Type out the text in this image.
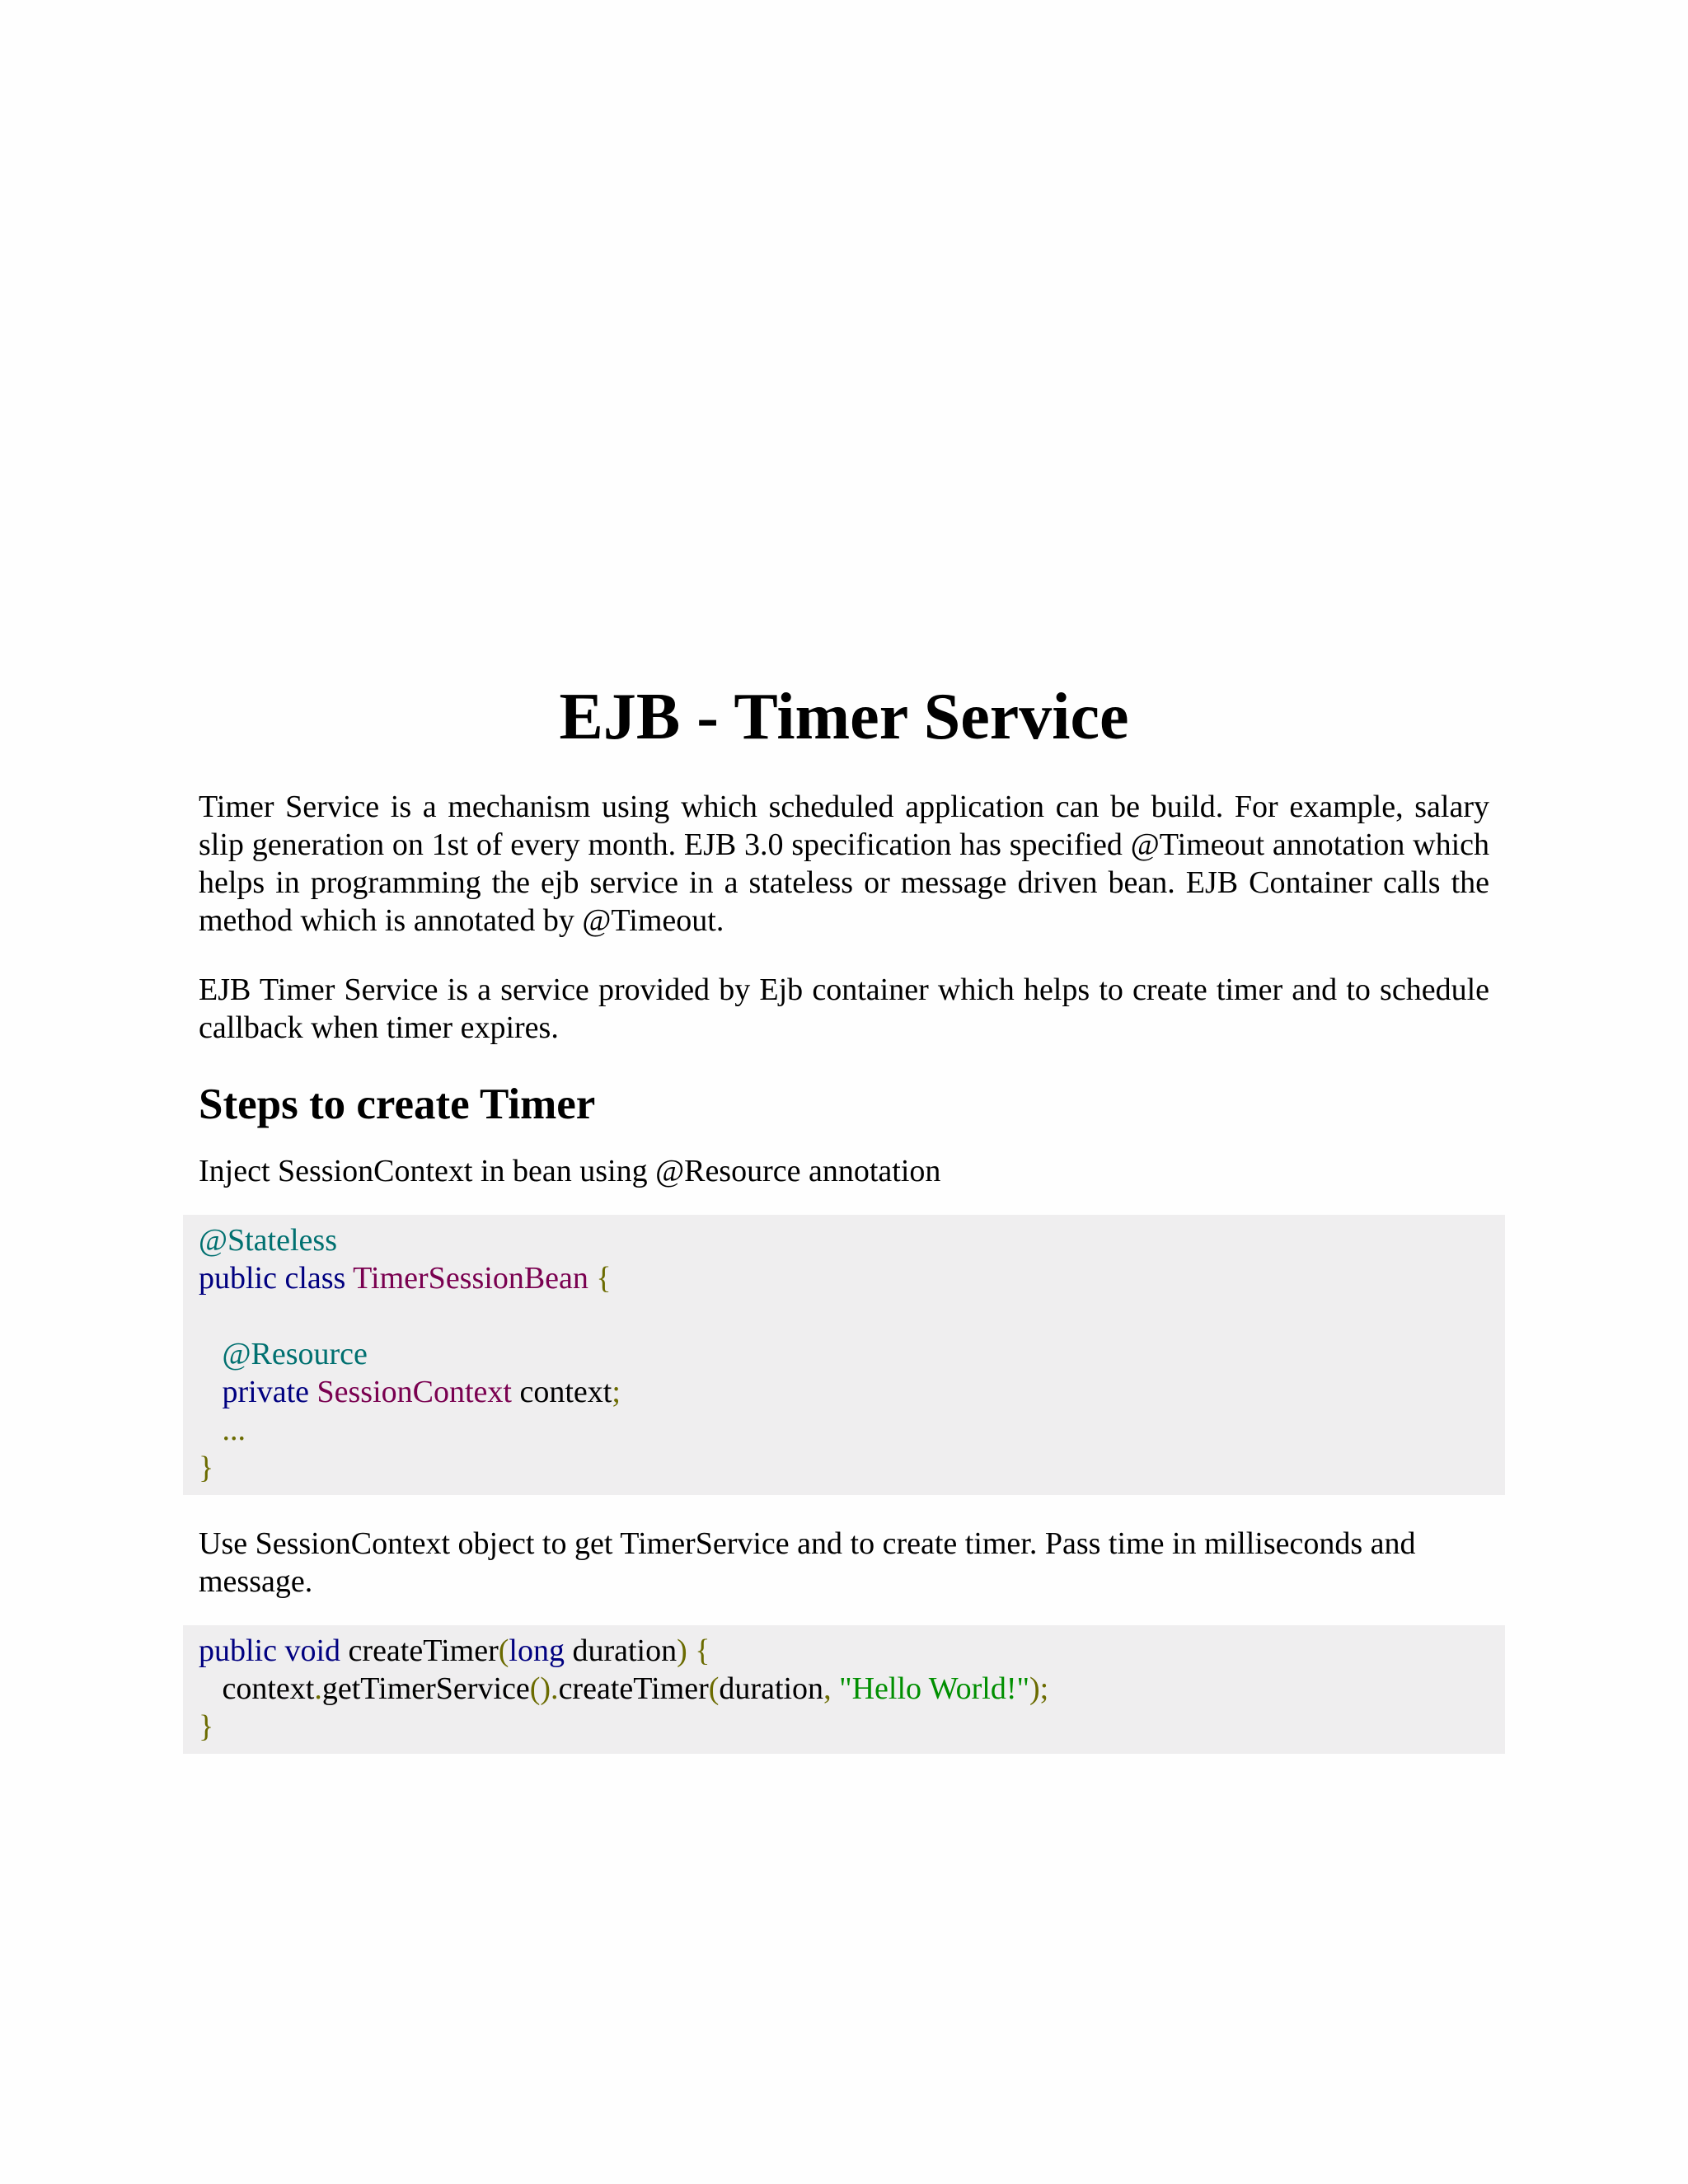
EJB - Timer Service

Timer Service is a mechanism using which scheduled application can be build. For example, salary slip generation on 1st of every month. EJB 3.0 specification has specified @Timeout annotation which helps in programming the ejb service in a stateless or message driven bean. EJB Container calls the method which is annotated by @Timeout.

EJB Timer Service is a service provided by Ejb container which helps to create timer and to schedule callback when timer expires.

Steps to create Timer
Inject SessionContext in bean using @Resource annotation
@Stateless
public class TimerSessionBean {
@Resource
private SessionContext context;
...
}
Use SessionContext object to get TimerService and to create timer. Pass time in milliseconds and message.
public void createTimer(long duration) {
context.getTimerService().createTimer(duration, "Hello World!");
}
